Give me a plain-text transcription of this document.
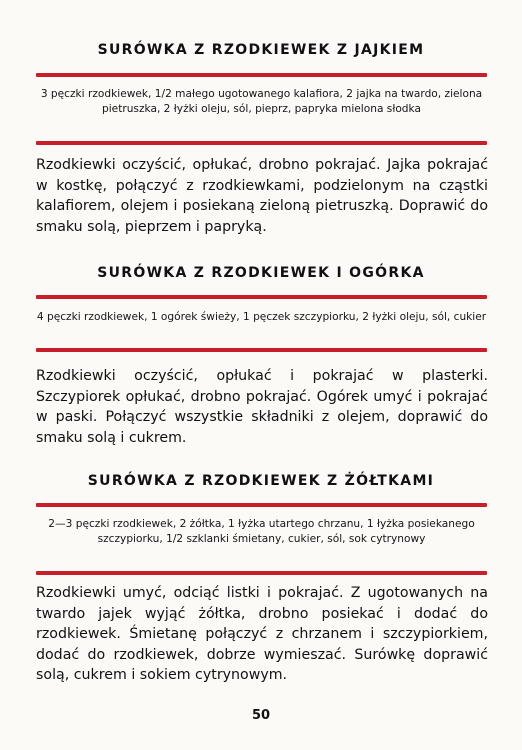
SURÓWKA Z RZODKIEWEK Z JAJKIEM

3 pęczki rzodkiewek, 1/2 małego ugotowanego kalafiora, 2 jajka na twardo, zielona pietruszka, 2 łyżki oleju, sól, pieprz, papryka mielona słodka

Rzodkiewki oczyścić, opłukać, drobno pokrajać. Jajka pokrajać w kostkę, połączyć z rzodkiewkami, podzielonym na cząstki kalafiorem, olejem i posiekaną zieloną pietruszką. Doprawić do smaku solą, pieprzem i papryką.

SURÓWKA Z RZODKIEWEK I OGÓRKA

4 pęczki rzodkiewek, 1 ogórek świeży, 1 pęczek szczypiorku, 2 łyżki oleju, sól, cukier

Rzodkiewki oczyścić, opłukać i pokrajać w plasterki. Szczypiorek opłukać, drobno pokrajać. Ogórek umyć i pokrajać w paski. Połączyć wszystkie składniki z olejem, doprawić do smaku solą i cukrem.

SURÓWKA Z RZODKIEWEK Z ŻÓŁTKAMI

2—3 pęczki rzodkiewek, 2 żółtka, 1 łyżka utartego chrzanu, 1 łyżka posiekanego szczypiorku, 1/2 szklanki śmietany, cukier, sól, sok cytrynowy

Rzodkiewki umyć, odciąć listki i pokrajać. Z ugotowanych na twardo jajek wyjąć żółtka, drobno posiekać i dodać do rzodkiewek. Śmietanę połączyć z chrzanem i szczypiorkiem, dodać do rzodkiewek, dobrze wymieszać. Surówkę doprawić solą, cukrem i sokiem cytrynowym.

50
